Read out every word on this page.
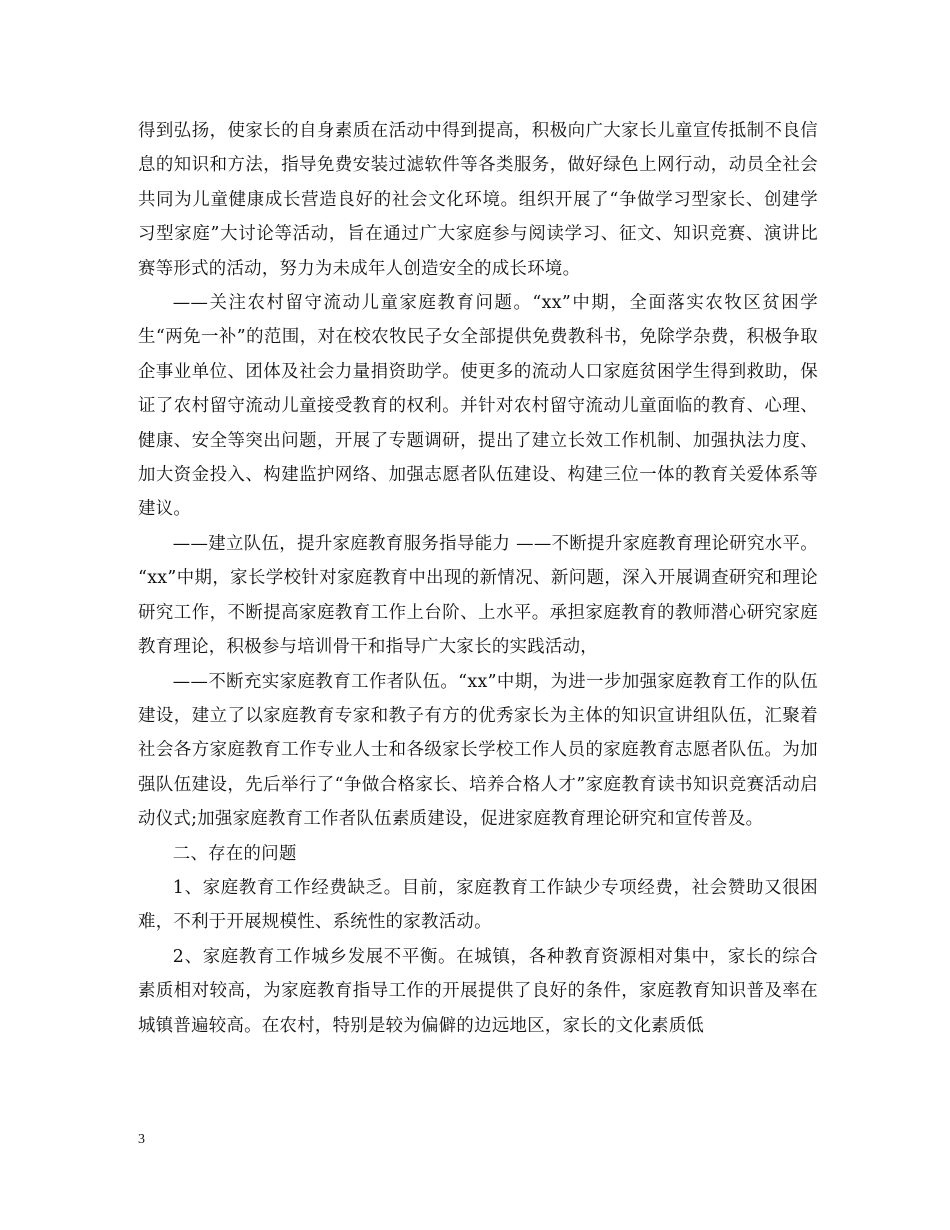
得到弘扬，使家长的自身素质在活动中得到提高，积极向广大家长儿童宣传抵制不良信息的知识和方法，指导免费安装过滤软件等各类服务，做好绿色上网行动，动员全社会共同为儿童健康成长营造良好的社会文化环境。组织开展了“争做学习型家长、创建学习型家庭”大讨论等活动，旨在通过广大家庭参与阅读学习、征文、知识竞赛、演讲比赛等形式的活动，努力为未成年人创造安全的成长环境。

——关注农村留守流动儿童家庭教育问题。“xx”中期，全面落实农牧区贫困学生“两免一补”的范围，对在校农牧民子女全部提供免费教科书，免除学杂费，积极争取企事业单位、团体及社会力量捐资助学。使更多的流动人口家庭贫困学生得到救助，保证了农村留守流动儿童接受教育的权利。并针对农村留守流动儿童面临的教育、心理、健康、安全等突出问题，开展了专题调研，提出了建立长效工作机制、加强执法力度、加大资金投入、构建监护网络、加强志愿者队伍建设、构建三位一体的教育关爱体系等建议。

——建立队伍，提升家庭教育服务指导能力 ——不断提升家庭教育理论研究水平。 “xx”中期，家长学校针对家庭教育中出现的新情况、新问题，深入开展调查研究和理论研究工作，不断提高家庭教育工作上台阶、上水平。承担家庭教育的教师潜心研究家庭教育理论，积极参与培训骨干和指导广大家长的实践活动，

——不断充实家庭教育工作者队伍。“xx”中期，为进一步加强家庭教育工作的队伍建设，建立了以家庭教育专家和教子有方的优秀家长为主体的知识宣讲组队伍，汇聚着社会各方家庭教育工作专业人士和各级家长学校工作人员的家庭教育志愿者队伍。为加强队伍建设，先后举行了“争做合格家长、培养合格人才”家庭教育读书知识竞赛活动启动仪式;加强家庭教育工作者队伍素质建设，促进家庭教育理论研究和宣传普及。

二、存在的问题

1、家庭教育工作经费缺乏。目前，家庭教育工作缺少专项经费，社会赞助又很困难，不利于开展规模性、系统性的家教活动。

2、家庭教育工作城乡发展不平衡。在城镇，各种教育资源相对集中，家长的综合素质相对较高，为家庭教育指导工作的开展提供了良好的条件，家庭教育知识普及率在城镇普遍较高。在农村，特别是较为偏僻的边远地区，家长的文化素质低

3
